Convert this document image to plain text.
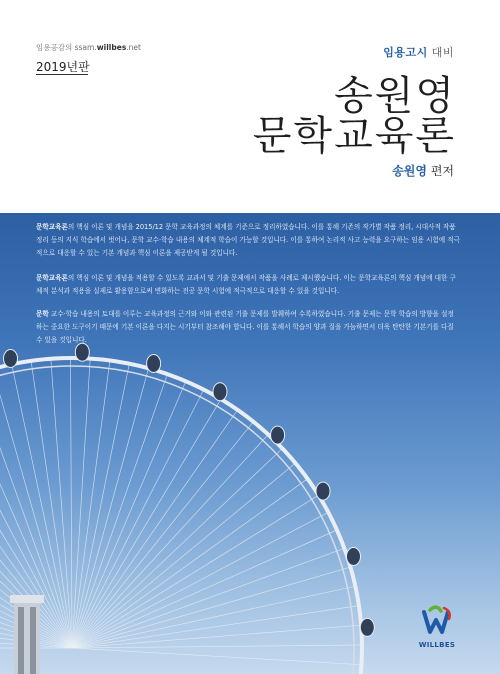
임용공감의 ssam.willbes.net
2019년판
임용고시 대비
송원영
문학교육론
송원영 편저
문학교육론의 핵심 이론 및 개념을 2015/12 문학 교육과정의 체계를 기준으로 정리하였습니다. 이를 통해 기존의 작가별 작품 정리, 시대사적 작품 정리 등의 지식 학습에서 벗어나, 문학 교수·학습 내용의 체계적 학습이 가능할 것입니다. 이를 통하여 논리적 사고 능력을 요구하는 임용 시험에 적극적으로 대응할 수 있는 기본 개념과 핵심 이론을 제공받게 될 것입니다.
문학교육론의 핵심 이론 및 개념을 적용할 수 있도록 교과서 및 기출 문제에서 작품을 사례로 제시했습니다. 이는 문학교육론의 핵심 개념에 대한 구체적 분석과 적용을 실제로 활용함으로써 변화하는 전공 문학 시험에 적극적으로 대응할 수 있을 것입니다.
문학 교수·학습 내용의 토대를 이루는 교육과정의 근거와 이와 관련된 기출 문제를 발췌하여 수록하였습니다. 기출 문제는 문학 학습의 방향을 설정하는 중요한 도구이기 때문에 기본 이론을 다지는 시기부터 참조해야 합니다. 이를 통해서 학습의 양과 질을 가늠하면서 더욱 탄탄한 기본기를 다질 수 있을 것입니다.
WILLBES
